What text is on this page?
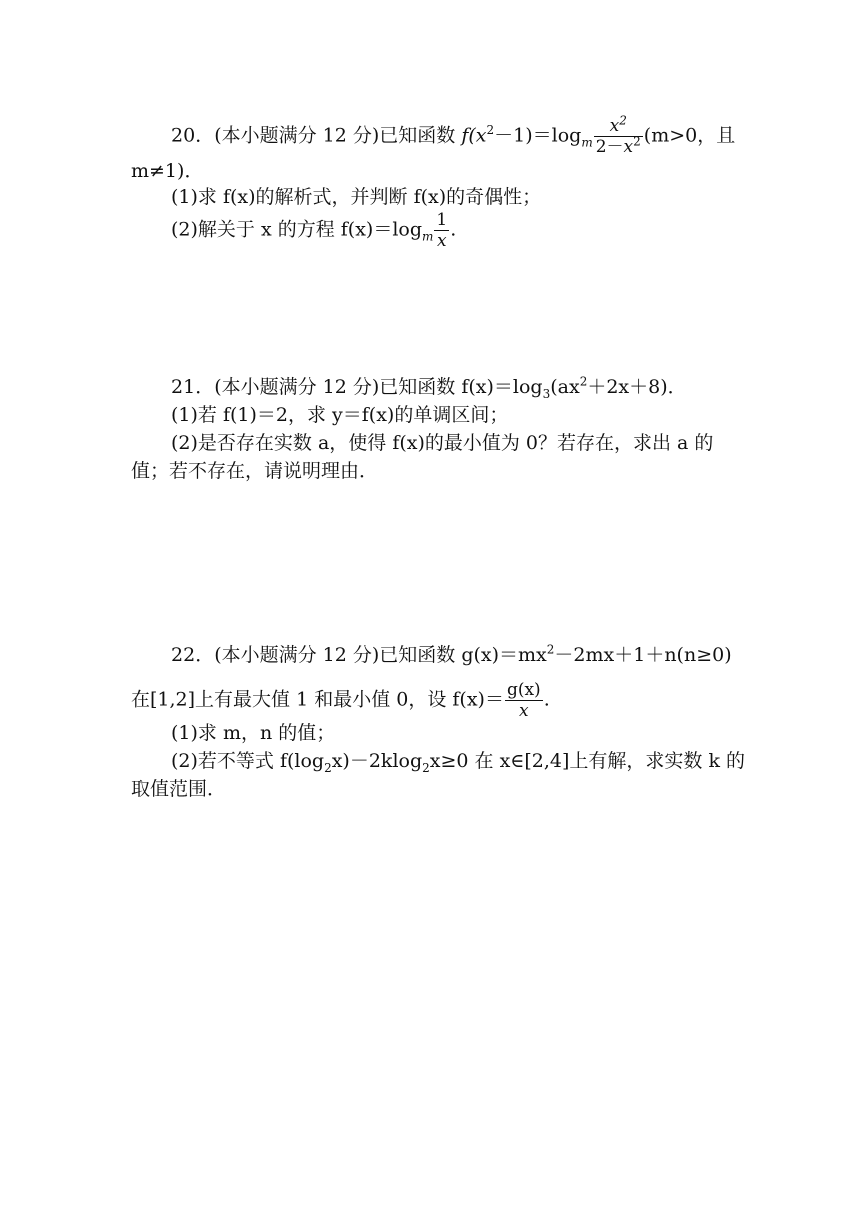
20．(本小题满分 12 分)已知函数 $f(x^2-1)=\log_m \frac{x^2}{2-x^2} (m>0$，且
m≠1)．
(1)求 f(x)的解析式，并判断 f(x)的奇偶性；
(2)解关于 x 的方程 $f(x)=\log_m \frac{1}{x}$ .
21．(本小题满分 12 分)已知函数 $f(x)=\log_3(ax^2+2x+8)$．
(1)若 f(1)＝2，求 y＝f(x)的单调区间；
(2)是否存在实数 a，使得 f(x)的最小值为 0？若存在，求出 a 的
值；若不存在，请说明理由．
22．(本小题满分 12 分)已知函数 $g(x)=mx^2-2mx+1+n(n\ge 0)$
在[1,2]上有最大值 1 和最小值 0，设 $f(x)= \frac{g(x)}{x}$ .
(1)求 m，n 的值；
(2)若不等式 $f(\log_2x)-2klog_2x\ge 0$ 在 x∈[2,4]上有解，求实数 k 的
取值范围．
